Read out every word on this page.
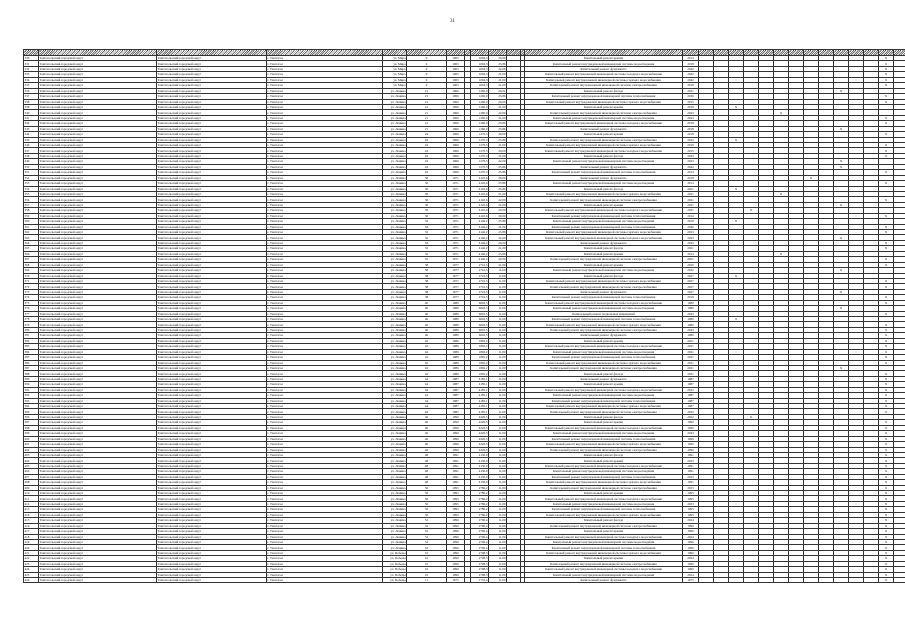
31

330	Таштагольский городской округ	Таштагольский городской округ	г. Таштагол	ул. Мира	9	1965		1094,3	20,00			Капитальный ремонт крыши	2014													X	
331	Таштагольский городской округ	Таштагольский городской округ	г. Таштагол	ул. Мира	9	1965		1094,3	25,86			Капитальный ремонт внутридомовой инженерной системы водоотведения	2018													X	
332	Таштагольский городской округ	Таштагольский городской округ	г. Таштагол	ул. Мира	9	1965		1094,3	22,06			Капитальный ремонт фундамента	2042													X	
333	Таштагольский городской округ	Таштагольский городской округ	г. Таштагол	ул. Мира	9	1965		1094,3	21,00			Капитальный ремонт внутридомовой инженерной системы холодного водоснабжения	2042													X	
334	Таштагольский городской округ	Таштагольский городской округ	г. Таштагол	ул. Мира	9	1965		1094,3	21,00			Капитальный ремонт внутридомовой инженерной системы горячего водоснабжения	2042													X	
335	Таштагольский городской округ	Таштагольский городской округ	г. Таштагол	ул. Мира	9	1965		1094,3	21,00			Капитальный ремонт внутридомовой инженерной системы электроснабжения	2018													X	
336	Таштагольский городской округ	Таштагольский городской округ	г. Таштагол	ул. Ленина	21	1966		1260,0	20,01			Капитальный ремонт фасада	2021										X				
337	Таштагольский городской округ	Таштагольский городской округ	г. Таштагол	ул. Ленина	21	1966		1260,0	25,86			Капитальный ремонт внутридомовой инженерной системы теплоснабжения	2036													X	
338	Таштагольский городской округ	Таштагольский городской округ	г. Таштагол	ул. Ленина	21	1966		1260,0	20,00			Капитальный ремонт внутридомовой инженерной системы горячего водоснабжения	2015													X	
339	Таштагольский городской округ	Таштагольский городской округ	г. Таштагол	ул. Ленина	21	1966		1260,0	21,00			Капитальный ремонт крыши	2018			X											
340	Таштагольский городской округ	Таштагольский городской округ	г. Таштагол	ул. Ленина	21	1966		1260,0	22,00			Капитальный ремонт внутридомовой инженерной системы электроснабжения	2043						X								
341	Таштагольский городской округ	Таштагольский городской округ	г. Таштагол	ул. Ленина	21	1966		1260,0	21,00			Капитальный ремонт внутридомовой инженерной системы водоотведения	2043													X	
342	Таштагольский городской округ	Таштагольский городской округ	г. Таштагол	ул. Ленина	21	1966		1260,0	25,86			Капитальный ремонт внутридомовой инженерной системы холодного водоснабжения	2018													X	
343	Таштагольский городской округ	Таштагольский городской округ	г. Таштагол	ул. Ленина	21	1966		1260,0	25,86			Капитальный ремонт фундамента	2018										X				
344	Таштагольский городской округ	Таштагольский городской округ	г. Таштагол	ул. Ленина	24	1966		1270,3	20,00			Капитальный ремонт крыши	2018													X	
345	Таштагольский городской округ	Таштагольский городской округ	г. Таштагол	ул. Ленина	24	1966		1270,3	25,86			Капитальный ремонт внутридомовой инженерной системы электроснабжения	2022			X											
346	Таштагольский городской округ	Таштагольский городской округ	г. Таштагол	ул. Ленина	24	1966		1270,3	21,00			Капитальный ремонт внутридомовой инженерной системы горячего водоснабжения	2019													X	
347	Таштагольский городской округ	Таштагольский городской округ	г. Таштагол	ул. Ленина	24	1966		1270,3	20,00			Капитальный ремонт внутридомовой инженерной системы холодного водоснабжения	2015													X	
348	Таштагольский городской округ	Таштагольский городской округ	г. Таштагол	ул. Ленина	24	1966		1270,3	21,00			Капитальный ремонт фасада	2043													X	
349	Таштагольский городской округ	Таштагольский городской округ	г. Таштагол	ул. Ленина	24	1966		1270,3	22,00			Капитальный ремонт внутридомовой инженерной системы водоотведения	2043										X				
350	Таштагольский городской округ	Таштагольский городской округ	г. Таштагол	ул. Ленина	24	1966		1270,3	25,86			Капитальный ремонт фундамента	2042										X				
351	Таштагольский городской округ	Таштагольский городской округ	г. Таштагол	ул. Ленина	24	1966		1270,3	25,86			Капитальный ремонт внутридомовой инженерной системы теплоснабжения	2014													X	
352	Таштагольский городской округ	Таштагольский городской округ	г. Таштагол	ул. Ленина	30	1971		4145,6	20,00			Капитальный ремонт фундамента	2018								X						
353	Таштагольский городской округ	Таштагольский городской округ	г. Таштагол	ул. Ленина	30	1971		4145,6	25,86			Капитальный ремонт внутридомовой инженерной системы водоотведения	2014													X	
354	Таштагольский городской округ	Таштагольский городской округ	г. Таштагол	ул. Ленина	30	1971		4145,6	25,86			Капитальный ремонт фасада	2021			X											
355	Таштагольский городской округ	Таштагольский городской округ	г. Таштагол	ул. Ленина	30	1971		4145,6	21,00			Капитальный ремонт внутридомовой инженерной системы горячего водоснабжения	2021						X								
356	Таштагольский городской округ	Таштагольский городской округ	г. Таштагол	ул. Ленина	30	1971		4145,6	22,00			Капитальный ремонт внутридомовой инженерной системы электроснабжения	2021													X	
357	Таштагольский городской округ	Таштагольский городской округ	г. Таштагол	ул. Ленина	30	1971		4145,6	21,00			Капитальный ремонт крыши	2021										X				
358	Таштагольский городской округ	Таштагольский городской округ	г. Таштагол	ул. Ленина	30	1971		4145,6	22,00			Капитальный ремонт внутридомовой инженерной системы холодного водоснабжения	2021				X										
359	Таштагольский городской округ	Таштагольский городской округ	г. Таштагол	ул. Ленина	30	1971		4145,6	20,00			Капитальный ремонт внутридомовой инженерной системы теплоснабжения	2014													X	
360	Таштагольский городской округ	Таштагольский городской округ	г. Таштагол	ул. Ленина	32	1971		4146,2	25,86			Капитальный ремонт внутридомовой инженерной системы водоотведения	2018			X											
361	Таштагольский городской округ	Таштагольский городской округ	г. Таштагол	ул. Ленина	32	1971		4146,2	21,00			Капитальный ремонт внутридомовой инженерной системы теплоснабжения	2040													X	
362	Таштагольский городской округ	Таштагольский городской округ	г. Таштагол	ул. Ленина	32	1971		4146,2	25,86			Капитальный ремонт внутридомовой инженерной системы горячего водоснабжения	2023													X	
363	Таштагольский городской округ	Таштагольский городской округ	г. Таштагол	ул. Ленина	32	1971		4146,2	22,00			Капитальный ремонт внутридомовой инженерной системы холодного водоснабжения	2043										X				
364	Таштагольский городской округ	Таштагольский городской округ	г. Таштагол	ул. Ленина	32	1971		4146,2	20,00			Капитальный ремонт фундамента	2043													X	
365	Таштагольский городской округ	Таштагольский городской округ	г. Таштагол	ул. Ленина	32	1971		4146,2	21,00			Капитальный ремонт фасада	2021													X	
366	Таштагольский городской округ	Таштагольский городской округ	г. Таштагол	ул. Ленина	32	1971		4146,2	25,86			Капитальный ремонт крыши	2014						X								
367	Таштагольский городской округ	Таштагольский городской округ	г. Таштагол	ул. Ленина	32	1971		4146,2	22,00			Капитальный ремонт внутридомовой инженерной системы электроснабжения	2021													X	
368	Таштагольский городской округ	Таштагольский городской округ	г. Таштагол	ул. Ленина	38	1977		2716,5	21,00			Капитальный ремонт крыши	2020													X	
369	Таштагольский городской округ	Таштагольский городской округ	г. Таштагол	ул. Ленина	38	1977		2716,5	11,00			Капитальный ремонт внутридомовой инженерной системы водоотведения	2032										X				
370	Таштагольский городской округ	Таштагольский городской округ	г. Таштагол	ул. Ленина	38	1977		2716,5	11,00			Капитальный ремонт фасада	2027			X											
371	Таштагольский городской округ	Таштагольский городской округ	г. Таштагол	ул. Ленина	38	1977		2716,5	11,00			Капитальный ремонт внутридомовой инженерной системы горячего водоснабжения	2027													X	
372	Таштагольский городской округ	Таштагольский городской округ	г. Таштагол	ул. Ленина	38	1977		2716,5	11,00			Капитальный ремонт внутридомовой инженерной системы электроснабжения	2027													X	
373	Таштагольский городской округ	Таштагольский городской округ	г. Таштагол	ул. Ленина	38	1977		2716,5	11,00			Капитальный ремонт фундамента	2027										X				
374	Таштагольский городской округ	Таштагольский городской округ	г. Таштагол	ул. Ленина	38	1977		2716,5	11,00			Капитальный ремонт внутридомовой инженерной системы теплоснабжения	2019													X	
375	Таштагольский городской округ	Таштагольский городской округ	г. Таштагол	ул. Ленина	40	1980		6602,5	11,00			Капитальный ремонт внутридомовой инженерной системы холодного водоснабжения	1980													X	
376	Таштагольский городской округ	Таштагольский городской округ	г. Таштагол	ул. Ленина	40	1980		6602,5	11,00			Капитальный ремонт внутридомовой инженерной системы водоотведения	1980										X				
377	Таштагольский городской округ	Таштагольский городской округ	г. Таштагол	ул. Ленина	40	1980		6602,5	11,00			Капитальный ремонт подвальных помещений	2043													X	
378	Таштагольский городской округ	Таштагольский городской округ	г. Таштагол	ул. Ленина	40	1980		6602,5	11,00			Капитальный ремонт внутридомовой инженерной системы теплоснабжения	1980			X											
379	Таштагольский городской округ	Таштагольский городской округ	г. Таштагол	ул. Ленина	40	1980		6602,5	11,00			Капитальный ремонт внутридомовой инженерной системы горячего водоснабжения	1980													X	
380	Таштагольский городской округ	Таштагольский городской округ	г. Таштагол	ул. Ленина	40	1980		6602,5	11,00			Капитальный ремонт внутридомовой инженерной системы электроснабжения	2043													X	
381	Таштагольский городской округ	Таштагольский городской округ	г. Таштагол	ул. Ленина	40	1980		6602,5	11,00			Капитальный ремонт фундамента	1980													X	
382	Таштагольский городской округ	Таштагольский городской округ	г. Таштагол	ул. Ленина	42	1986		1892,2	11,00			Капитальный ремонт крыши	2021													X	
383	Таштагольский городской округ	Таштагольский городской округ	г. Таштагол	ул. Ленина	42	1986		1892,2	11,00			Капитальный ремонт внутридомовой инженерной системы холодного водоснабжения	2021													X	
384	Таштагольский городской округ	Таштагольский городской округ	г. Таштагол	ул. Ленина	42	1986		1892,2	11,00			Капитальный ремонт внутридомовой инженерной системы водоотведения	2021													X	
385	Таштагольский городской округ	Таштагольский городской округ	г. Таштагол	ул. Ленина	42	1986		1892,2	11,00			Капитальный ремонт внутридомовой инженерной системы теплоснабжения	2021													X	
386	Таштагольский городской округ	Таштагольский городской округ	г. Таштагол	ул. Ленина	42	1986		1892,2	11,00			Капитальный ремонт внутридомовой инженерной системы горячего водоснабжения	2021													X	
387	Таштагольский городской округ	Таштагольский городской округ	г. Таштагол	ул. Ленина	42	1986		1892,2	11,00			Капитальный ремонт внутридомовой инженерной системы электроснабжения	2021										X				
388	Таштагольский городской округ	Таштагольский городской округ	г. Таштагол	ул. Ленина	42	1986		1892,2	11,00			Капитальный ремонт фасада	2021													X	
389	Таштагольский городской округ	Таштагольский городской округ	г. Таштагол	ул. Ленина	44	1987		4185,1	11,00			Капитальный ремонт фундамента	1987													X	
390	Таштагольский городской округ	Таштагольский городской округ	г. Таштагол	ул. Ленина	44	1987		4185,1	11,00			Капитальный ремонт крыши	1987													X	
391	Таштагольский городской округ	Таштагольский городской округ	г. Таштагол	ул. Ленина	44	1987		4185,1	11,00			Капитальный ремонт внутридомовой инженерной системы холодного водоснабжения	2022													X	
392	Таштагольский городской округ	Таштагольский городской округ	г. Таштагол	ул. Ленина	44	1987		4185,1	11,00			Капитальный ремонт внутридомовой инженерной системы водоотведения	1987													X	
393	Таштагольский городской округ	Таштагольский городской округ	г. Таштагол	ул. Ленина	44	1987		4185,1	11,00			Капитальный ремонт внутридомовой инженерной системы теплоснабжения	1987													X	
394	Таштагольский городской округ	Таштагольский городской округ	г. Таштагол	ул. Ленина	44	1987		4185,1	11,00			Капитальный ремонт внутридомовой инженерной системы горячего водоснабжения	1987													X	
395	Таштагольский городской округ	Таштагольский городской округ	г. Таштагол	ул. Ленина	44	1987		4185,1	11,00			Капитальный ремонт внутридомовой инженерной системы электроснабжения	2022													X	
396	Таштагольский городской округ	Таштагольский городской округ	г. Таштагол	ул. Ленина	46	1990		4226,5	11,00			Капитальный ремонт фасада	2022				X										
397	Таштагольский городской округ	Таштагольский городской округ	г. Таштагол	ул. Ленина	46	1990		4226,5	11,00			Капитальный ремонт крыши	1990													X	
398	Таштагольский городской округ	Таштагольский городской округ	г. Таштагол	ул. Ленина	46	1990		4226,5	11,00			Капитальный ремонт внутридомовой инженерной системы холодного водоснабжения	1990													X	
399	Таштагольский городской округ	Таштагольский городской округ	г. Таштагол	ул. Ленина	46	1990		4226,5	11,00			Капитальный ремонт внутридомовой инженерной системы водоотведения	2043													X	
400	Таштагольский городской округ	Таштагольский городской округ	г. Таштагол	ул. Ленина	46	1990		4226,5	11,00			Капитальный ремонт внутридомовой инженерной системы теплоснабжения	1990													X	
401	Таштагольский городской округ	Таштагольский городской округ	г. Таштагол	ул. Ленина	46	1990		4226,5	11,00			Капитальный ремонт внутридомовой инженерной системы горячего водоснабжения	1990													X	
402	Таштагольский городской округ	Таштагольский городской округ	г. Таштагол	ул. Ленина	46	1990		4226,5	11,00			Капитальный ремонт внутридомовой инженерной системы электроснабжения	1990													X	
403	Таштагольский городской округ	Таштагольский городской округ	г. Таштагол	ул. Ленина	48	1991		4130,0	11,00			Капитальный ремонт фасада	1991													X	
404	Таштагольский городской округ	Таштагольский городской округ	г. Таштагол	ул. Ленина	48	1991		4130,0	11,00			Капитальный ремонт крыши	2023													X	
405	Таштагольский городской округ	Таштагольский городской округ	г. Таштагол	ул. Ленина	48	1991		4130,0	11,00			Капитальный ремонт внутридомовой инженерной системы холодного водоснабжения	1991													X	
406	Таштагольский городской округ	Таштагольский городской округ	г. Таштагол	ул. Ленина	48	1991		4130,0	11,00			Капитальный ремонт внутридомовой инженерной системы водоотведения	1991													X	
407	Таштагольский городской округ	Таштагольский городской округ	г. Таштагол	ул. Ленина	48	1991		4130,0	11,00			Капитальный ремонт внутридомовой инженерной системы теплоснабжения	2023													X	
408	Таштагольский городской округ	Таштагольский городской округ	г. Таштагол	ул. Ленина	48	1991		4130,0	11,00			Капитальный ремонт внутридомовой инженерной системы горячего водоснабжения	1991													X	
409	Таштагольский городской округ	Таштагольский городской округ	г. Таштагол	ул. Ленина	50	1995		2786,2	11,00			Капитальный ремонт внутридомовой инженерной системы электроснабжения	2023													X	
410	Таштагольский городской округ	Таштагольский городской округ	г. Таштагол	ул. Ленина	50	1995		2786,2	11,00			Капитальный ремонт крыши	1995													X	
411	Таштагольский городской округ	Таштагольский городской округ	г. Таштагол	ул. Ленина	50	1995		2786,2	11,00			Капитальный ремонт внутридомовой инженерной системы холодного водоснабжения	1995													X	
412	Таштагольский городской округ	Таштагольский городской округ	г. Таштагол	ул. Ленина	50	1995		2786,2	11,00			Капитальный ремонт внутридомовой инженерной системы водоотведения	2023													X	
413	Таштагольский городской округ	Таштагольский городской округ	г. Таштагол	ул. Ленина	50	1995		2786,2	11,00			Капитальный ремонт внутридомовой инженерной системы теплоснабжения	1995													X	
414	Таштагольский городской округ	Таштагольский городской округ	г. Таштагол	ул. Ленина	50	1995		2786,2	11,00			Капитальный ремонт внутридомовой инженерной системы горячего водоснабжения	1995													X	
415	Таштагольский городской округ	Таштагольский городской округ	г. Таштагол	ул. Ленина	52	1996		2706,4	11,00			Капитальный ремонт фасада	2024													X	
416	Таштагольский городской округ	Таштагольский городской округ	г. Таштагол	ул. Ленина	52	1996		2706,4	11,00			Капитальный ремонт внутридомовой инженерной системы электроснабжения	1996													X	
417	Таштагольский городской округ	Таштагольский городской округ	г. Таштагол	ул. Ленина	52	1996		2706,4	11,00			Капитальный ремонт крыши	1996													X	
418	Таштагольский городской округ	Таштагольский городской округ	г. Таштагол	ул. Ленина	52	1996		2706,4	11,00			Капитальный ремонт внутридомовой инженерной системы холодного водоснабжения	2024													X	
419	Таштагольский городской округ	Таштагольский городской округ	г. Таштагол	ул. Ленина	52	1996		2706,4	11,00			Капитальный ремонт внутридомовой инженерной системы водоотведения	1996													X	
420	Таштагольский городской округ	Таштагольский городской округ	г. Таштагол	ул. Ленина	52	1996		2706,4	11,00			Капитальный ремонт внутридомовой инженерной системы теплоснабжения	1996													X	
421	Таштагольский городской округ	Таштагольский городской округ	г. Таштагол	ул. Победы	10	1990		2798,3	11,00			Капитальный ремонт внутридомовой инженерной системы горячего водоснабжения	1990													X	
422	Таштагольский городской округ	Таштагольский городской округ	г. Таштагол	ул. Победы	10	1990		2798,3	11,00			Капитальный ремонт крыши	2024													X	
423	Таштагольский городской округ	Таштагольский городской округ	г. Таштагол	ул. Победы	10	1990		2798,3	11,00			Капитальный ремонт внутридомовой инженерной системы электроснабжения	1990													X	
424	Таштагольский городской округ	Таштагольский городской округ	г. Таштагол	ул. Победы	10	1990		2798,3	11,00			Капитальный ремонт внутридомовой инженерной системы холодного водоснабжения	1990													X	
425	Таштагольский городской округ	Таштагольский городской округ	г. Таштагол	ул. Победы	10	1990		2798,3	11,00			Капитальный ремонт внутридомовой инженерной системы водоотведения	2024													X	
426	Таштагольский городской округ	Таштагольский городской округ	г. Таштагол	ул. Победы	11	1975		1732,4	11,00			Капитальный ремонт фундамента	1975													X	
